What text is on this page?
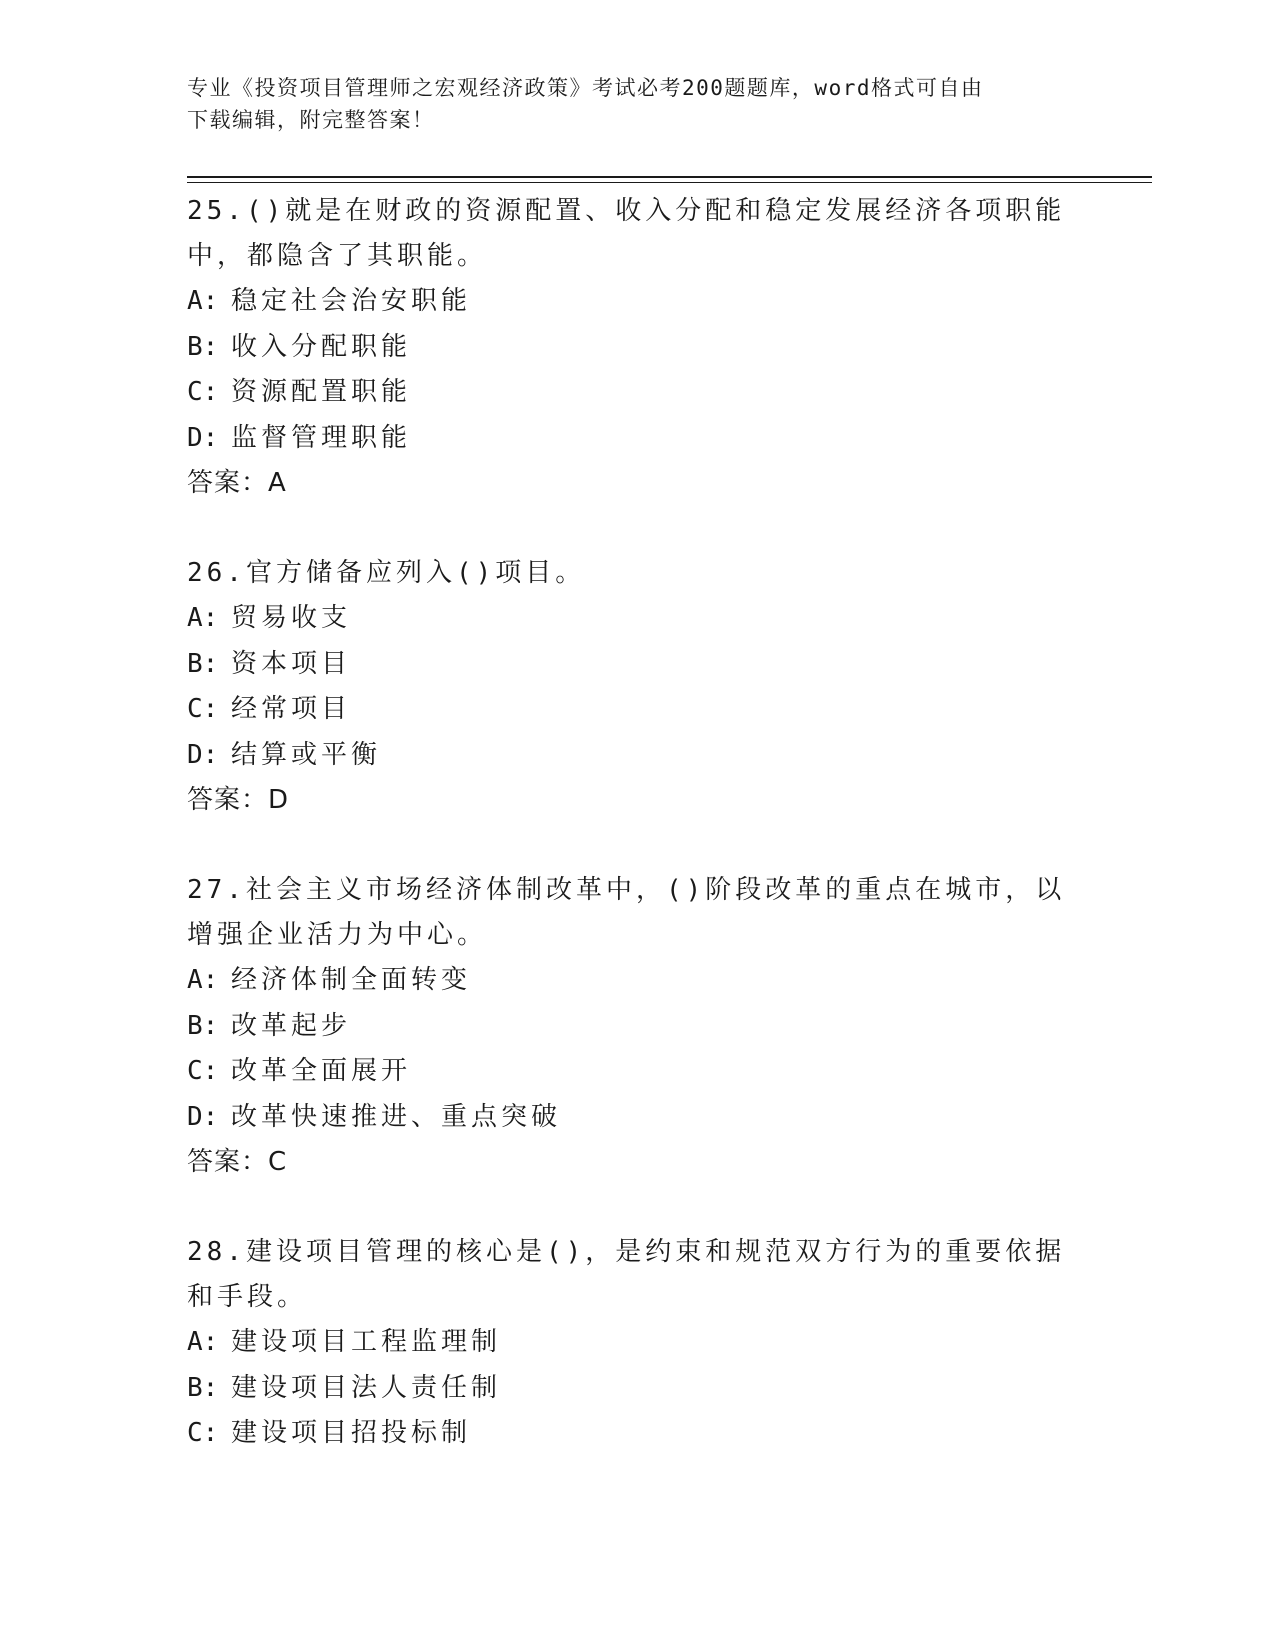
专业《投资项目管理师之宏观经济政策》考试必考200题题库，word格式可自由
下载编辑，附完整答案！
25.()就是在财政的资源配置、收入分配和稳定发展经济各项职能中，都隐含了其职能。
A: 稳定社会治安职能
B: 收入分配职能
C: 资源配置职能
D: 监督管理职能
答案：A
26.官方储备应列入()项目。
A: 贸易收支
B: 资本项目
C: 经常项目
D: 结算或平衡
答案：D
27.社会主义市场经济体制改革中，()阶段改革的重点在城市，以增强企业活力为中心。
A: 经济体制全面转变
B: 改革起步
C: 改革全面展开
D: 改革快速推进、重点突破
答案：C
28.建设项目管理的核心是()，是约束和规范双方行为的重要依据和手段。
A: 建设项目工程监理制
B: 建设项目法人责任制
C: 建设项目招投标制
